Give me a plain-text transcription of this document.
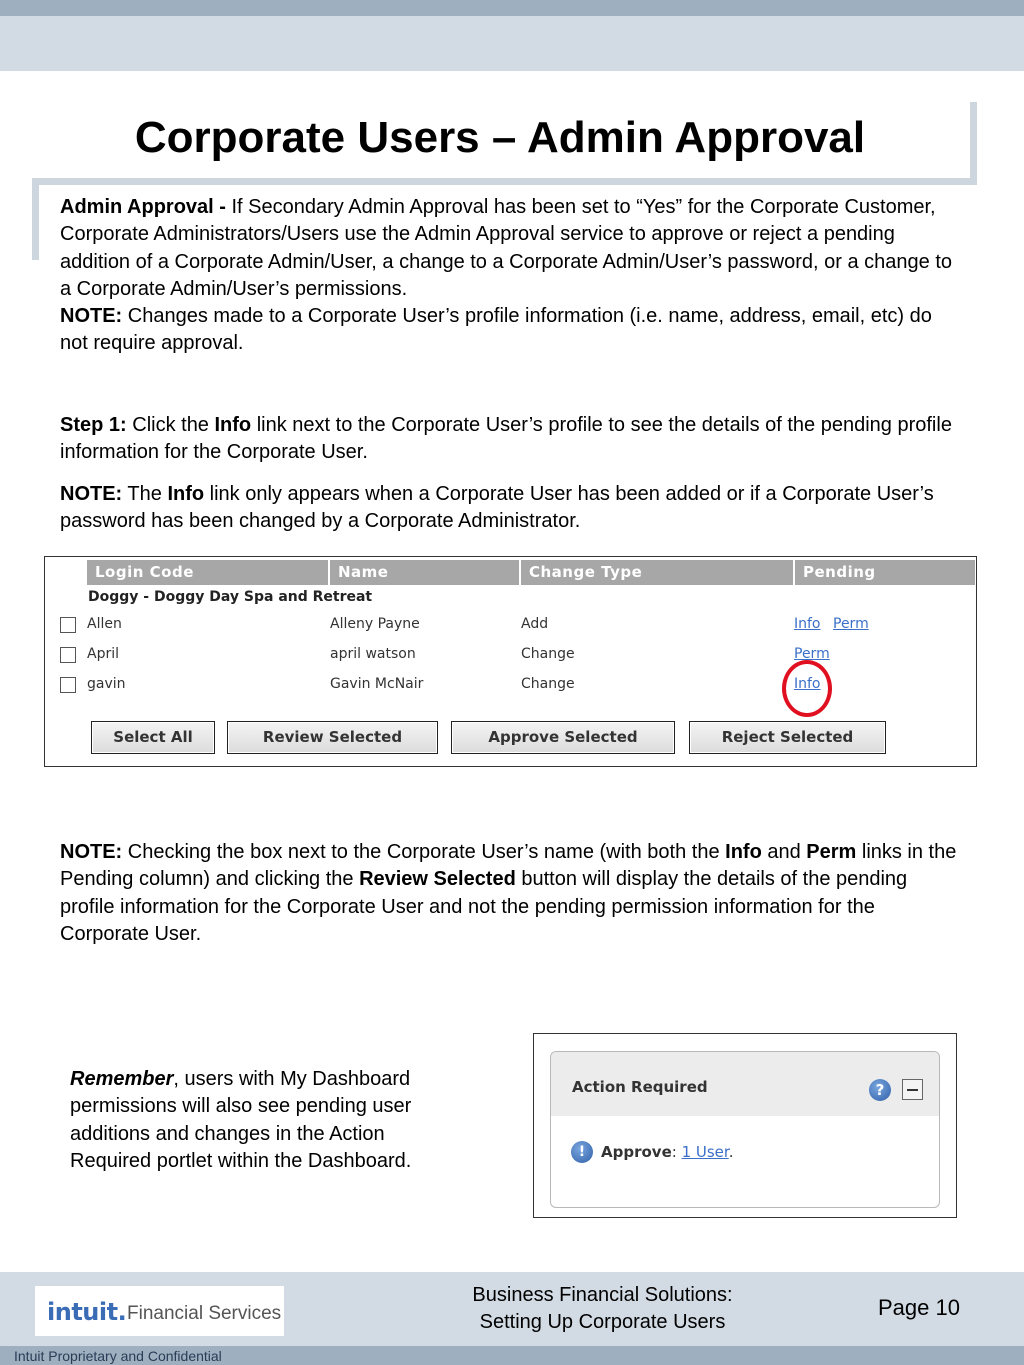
Corporate Users – Admin Approval

Admin Approval - If Secondary Admin Approval has been set to “Yes” for the Corporate Customer, Corporate Administrators/Users use the Admin Approval service to approve or reject a pending addition of a Corporate Admin/User, a change to a Corporate Admin/User’s password, or a change to a Corporate Admin/User’s permissions.
NOTE: Changes made to a Corporate User’s profile information (i.e. name, address, email, etc) do not require approval.

Step 1: Click the Info link next to the Corporate User’s profile to see the details of the pending profile information for the Corporate User.

NOTE: The Info link only appears when a Corporate User has been added or if a Corporate User’s password has been changed by a Corporate Administrator.

Login Code	Name	Change Type	Pending
Doggy - Doggy Day Spa and Retreat
Allen	Alleny Payne	Add	Info Perm
April	april watson	Change	Perm
gavin	Gavin McNair	Change	Info
Select All	Review Selected	Approve Selected	Reject Selected

NOTE: Checking the box next to the Corporate User’s name (with both the Info and Perm links in the Pending column) and clicking the Review Selected button will display the details of the pending profile information for the Corporate User and not the pending permission information for the Corporate User.

Remember, users with My Dashboard permissions will also see pending user additions and changes in the Action Required portlet within the Dashboard.

Action Required	?
!	Approve: 1 User.
intuit. Financial Services
Business Financial Solutions:
Setting Up Corporate Users
Page 10
Intuit Proprietary and Confidential
